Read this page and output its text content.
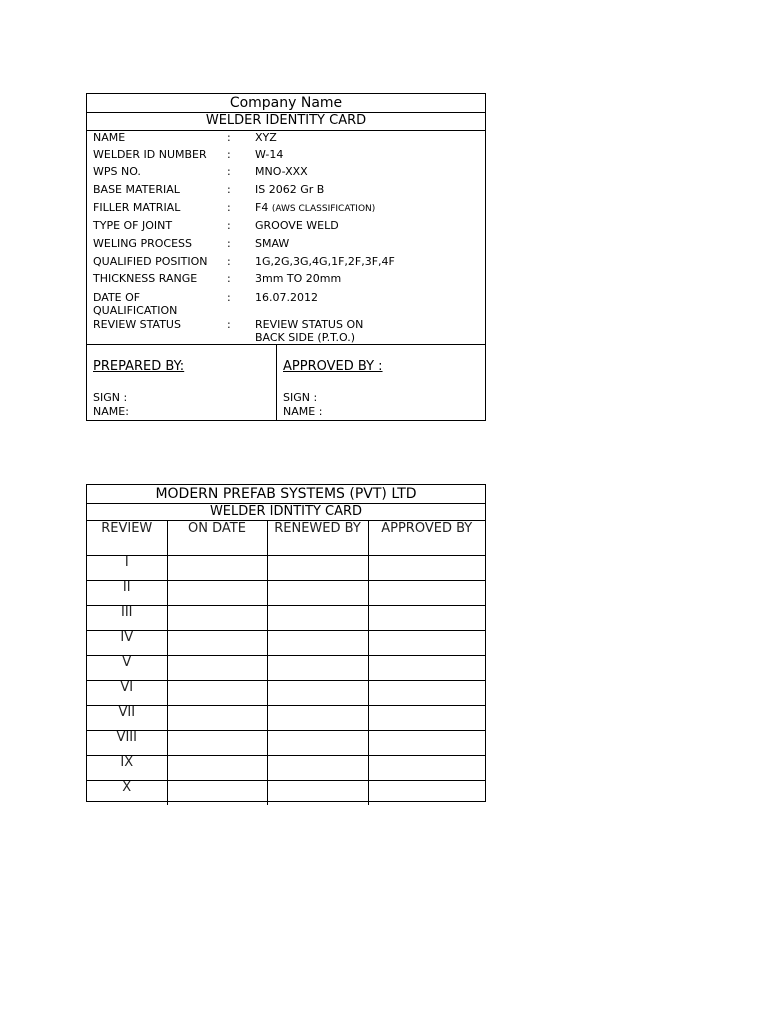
Company Name
WELDER IDENTITY CARD
NAME	: XYZ
WELDER ID NUMBER	: W-14
WPS NO.	: MNO-XXX
BASE MATERIAL	: IS 2062 Gr B
FILLER MATRIAL	: F4 (AWS CLASSIFICATION)
TYPE OF JOINT	: GROOVE WELD
WELING PROCESS	: SMAW
QUALIFIED POSITION	: 1G,2G,3G,4G,1F,2F,3F,4F
THICKNESS RANGE	: 3mm TO 20mm
DATE OF QUALIFICATION
: 16.07.2012
REVIEW STATUS	: REVIEW STATUS ON BACK SIDE (P.T.O.)
PREPARED BY:
SIGN :
NAME:
APPROVED BY :
SIGN :
NAME :
MODERN PREFAB SYSTEMS (PVT) LTD
WELDER IDNTITY CARD
REVIEW	ON DATE	RENEWED BY	APPROVED BY
I			
II			
III			
IV			
V			
VI			
VII			
VIII			
IX			
X			
